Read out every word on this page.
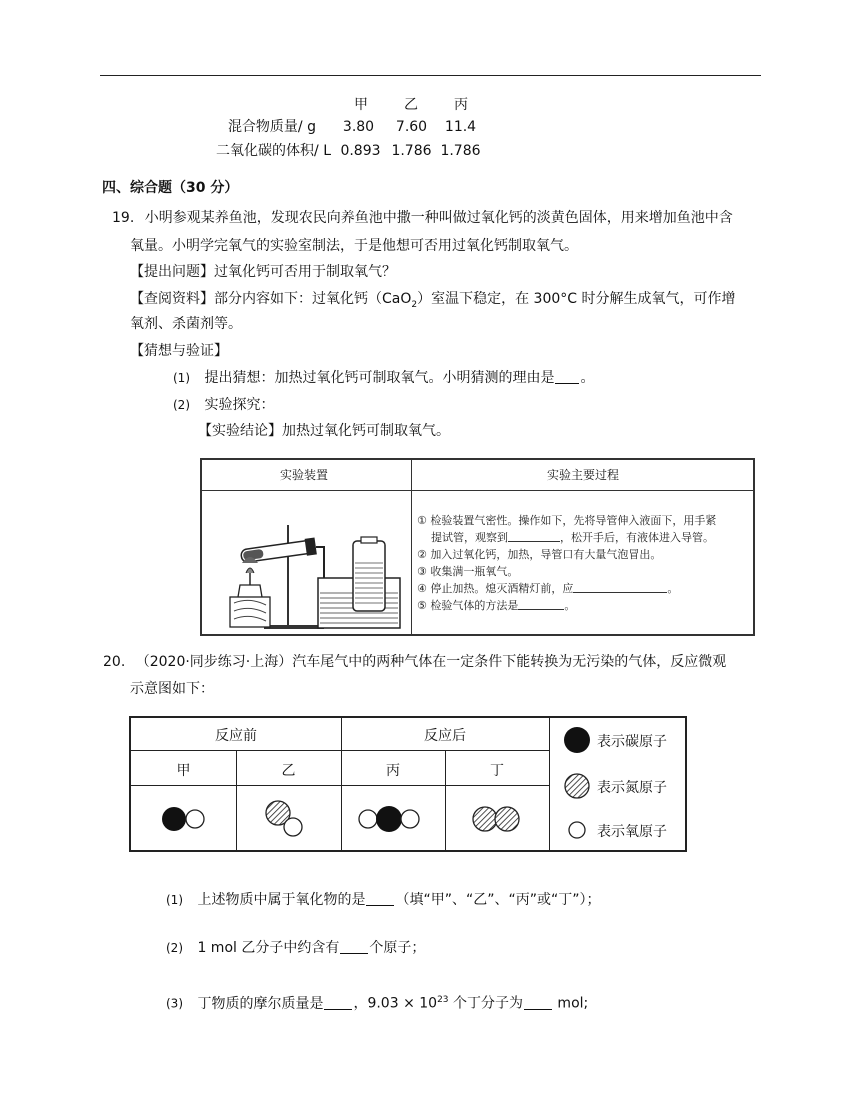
甲	乙	丙
混合物质量/ g	3.80	7.60	11.4
二氧化碳的体积/ L 0.893 1.786 1.786
四、综合题（30 分）
19. 小明参观某养鱼池，发现农民向养鱼池中撒一种叫做过氧化钙的淡黄色固体，用来增加鱼池中含
氧量。小明学完氧气的实验室制法，于是他想可否用过氧化钙制取氧气。
【提出问题】过氧化钙可否用于制取氧气？
【查阅资料】部分内容如下：过氧化钙（CaO$_2$）室温下稳定，在 300°C 时分解生成氧气，可作增
氧剂、杀菌剂等。
【猜想与验证】
(1) 提出猜想：加热过氧化钙可制取氧气。小明猜测的理由是 。
(2) 实验探究：
【实验结论】加热过氧化钙可制取氧气。
实验装置	实验主要过程
① 检验装置气密性。操作如下，先将导管伸入液面下，用手紧
提试管，观察到	，松开手后，有液体进入导管。
② 加入过氧化钙，加热，导管口有大量气泡冒出。
③ 收集满一瓶氧气。
④ 停止加热。熄灭酒精灯前，应	。
⑤ 检验气体的方法是	。
20. （2020·同步练习·上海）汽车尾气中的两种气体在一定条件下能转换为无污染的气体，反应微观
示意图如下：
反应前	反应后
甲	乙	丙	丁
表示碳原子
表示氮原子
表示氧原子
(1) 上述物质中属于氧化物的是 （填“甲”、“乙”、“丙”或“丁”）；
(2) 1 mol 乙分子中约含有 个原子；
(3) 丁物质的摩尔质量是 ，$9.03 \times 10^{23}$ 个丁分子为 mol;
